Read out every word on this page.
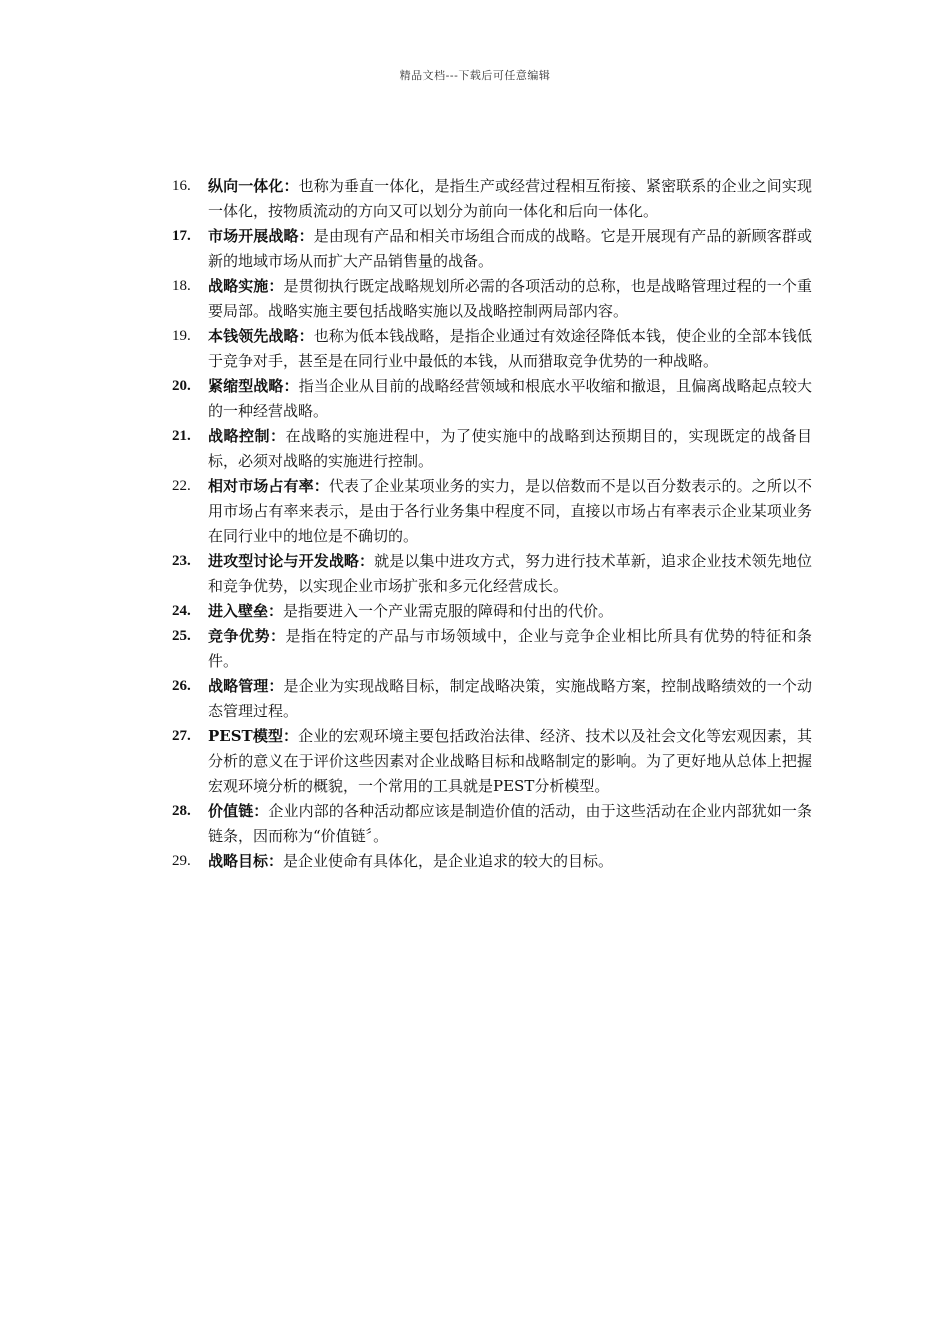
精品文档---下载后可任意编辑
16.	纵向一体化：也称为垂直一体化，是指生产或经营过程相互衔接、紧密联系的企业之间实现一体化，按物质流动的方向又可以划分为前向一体化和后向一体化。
17.	市场开展战略：是由现有产品和相关市场组合而成的战略。它是开展现有产品的新顾客群或新的地域市场从而扩大产品销售量的战备。
18.	战略实施：是贯彻执行既定战略规划所必需的各项活动的总称，也是战略管理过程的一个重要局部。战略实施主要包括战略实施以及战略控制两局部内容。
19.	本钱领先战略：也称为低本钱战略，是指企业通过有效途径降低本钱，使企业的全部本钱低于竞争对手，甚至是在同行业中最低的本钱，从而猎取竞争优势的一种战略。
20.	紧缩型战略：指当企业从目前的战略经营领域和根底水平收缩和撤退，且偏离战略起点较大的一种经营战略。
21.	战略控制：在战略的实施进程中，为了使实施中的战略到达预期目的，实现既定的战备目标，必须对战略的实施进行控制。
22.	相对市场占有率：代表了企业某项业务的实力，是以倍数而不是以百分数表示的。之所以不用市场占有率来表示，是由于各行业务集中程度不同，直接以市场占有率表示企业某项业务在同行业中的地位是不确切的。
23.	进攻型讨论与开发战略：就是以集中进攻方式，努力进行技术革新，追求企业技术领先地位和竞争优势，以实现企业市场扩张和多元化经营成长。
24.	进入壁垒：是指要进入一个产业需克服的障碍和付出的代价。
25.	竞争优势：是指在特定的产品与市场领域中，企业与竞争企业相比所具有优势的特征和条件。
26.	战略管理：是企业为实现战略目标，制定战略决策，实施战略方案，控制战略绩效的一个动态管理过程。
27.	PEST模型：企业的宏观环境主要包括政治法律、经济、技术以及社会文化等宏观因素，其分析的意义在于评价这些因素对企业战略目标和战略制定的影响。为了更好地从总体上把握宏观环境分析的概貌，一个常用的工具就是PEST分析模型。
28.	价值链：企业内部的各种活动都应该是制造价值的活动，由于这些活动在企业内部犹如一条链条，因而称为“价值链〞。
29.	战略目标：是企业使命有具体化，是企业追求的较大的目标。
